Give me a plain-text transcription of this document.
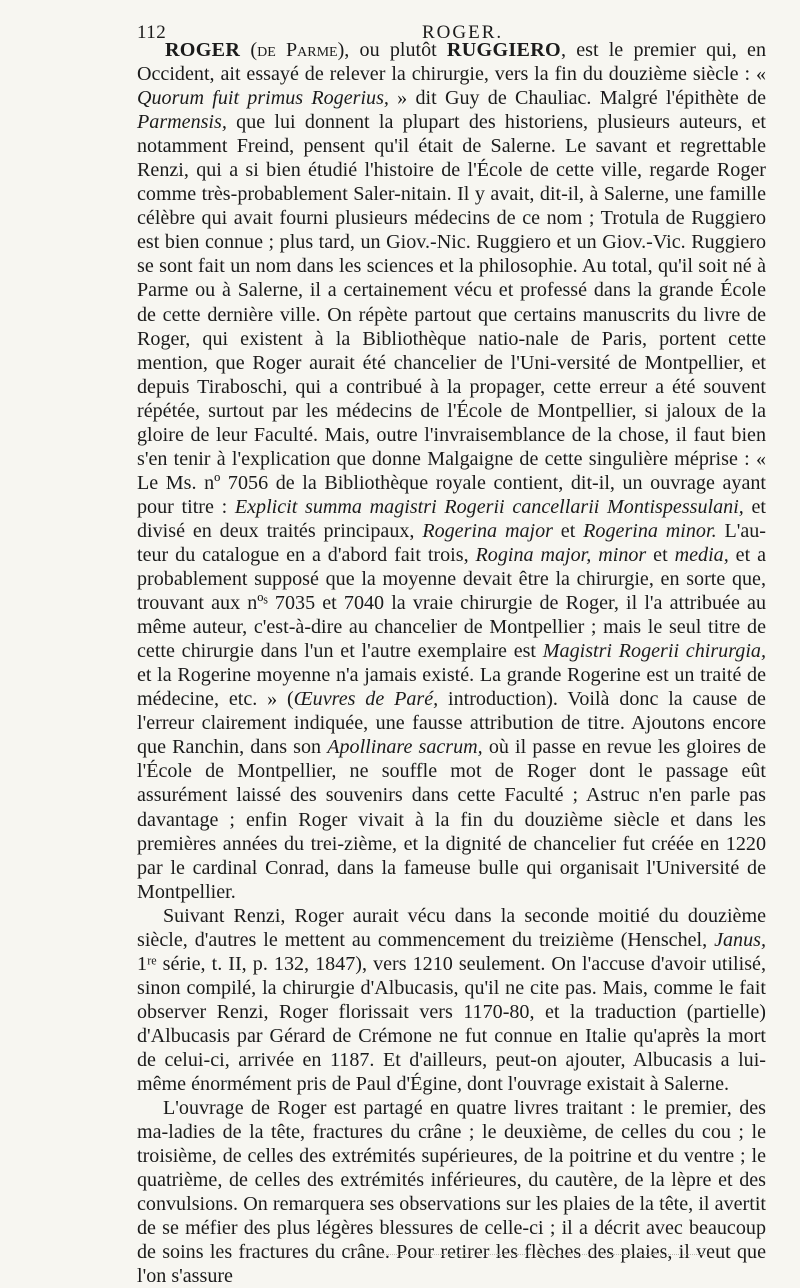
112	ROGER.

ROGER (de Parme), ou plutôt RUGGIERO, est le premier qui, en Occident, ait essayé de relever la chirurgie, vers la fin du douzième siècle : « Quorum fuit primus Rogerius, » dit Guy de Chauliac. Malgré l'épithète de Parmensis, que lui donnent la plupart des historiens, plusieurs auteurs, et notamment Freind, pensent qu'il était de Salerne. Le savant et regrettable Renzi, qui a si bien étudié l'histoire de l'École de cette ville, regarde Roger comme très-probablement Saler-nitain. Il y avait, dit-il, à Salerne, une famille célèbre qui avait fourni plusieurs médecins de ce nom ; Trotula de Ruggiero est bien connue ; plus tard, un Giov.-Nic. Ruggiero et un Giov.-Vic. Ruggiero se sont fait un nom dans les sciences et la philosophie. Au total, qu'il soit né à Parme ou à Salerne, il a certainement vécu et professé dans la grande École de cette dernière ville. On répète partout que certains manuscrits du livre de Roger, qui existent à la Bibliothèque natio-nale de Paris, portent cette mention, que Roger aurait été chancelier de l'Uni-versité de Montpellier, et depuis Tiraboschi, qui a contribué à la propager, cette erreur a été souvent répétée, surtout par les médecins de l'École de Montpellier, si jaloux de la gloire de leur Faculté. Mais, outre l'invraisemblance de la chose, il faut bien s'en tenir à l'explication que donne Malgaigne de cette singulière méprise : « Le Ms. nº 7056 de la Bibliothèque royale contient, dit-il, un ouvrage ayant pour titre : Explicit summa magistri Rogerii cancellarii Montispessulani, et divisé en deux traités principaux, Rogerina major et Rogerina minor. L'au-teur du catalogue en a d'abord fait trois, Rogina major, minor et media, et a probablement supposé que la moyenne devait être la chirurgie, en sorte que, trouvant aux nºˢ 7035 et 7040 la vraie chirurgie de Roger, il l'a attribuée au même auteur, c'est-à-dire au chancelier de Montpellier ; mais le seul titre de cette chirurgie dans l'un et l'autre exemplaire est Magistri Rogerii chirurgia, et la Rogerine moyenne n'a jamais existé. La grande Rogerine est un traité de médecine, etc. » (Œuvres de Paré, introduction). Voilà donc la cause de l'erreur clairement indiquée, une fausse attribution de titre. Ajoutons encore que Ranchin, dans son Apollinare sacrum, où il passe en revue les gloires de l'École de Montpellier, ne souffle mot de Roger dont le passage eût assurément laissé des souvenirs dans cette Faculté ; Astruc n'en parle pas davantage ; enfin Roger vivait à la fin du douzième siècle et dans les premières années du trei-zième, et la dignité de chancelier fut créée en 1220 par le cardinal Conrad, dans la fameuse bulle qui organisait l'Université de Montpellier.

Suivant Renzi, Roger aurait vécu dans la seconde moitié du douzième siècle, d'autres le mettent au commencement du treizième (Henschel, Janus, 1ʳᵉ série, t. II, p. 132, 1847), vers 1210 seulement. On l'accuse d'avoir utilisé, sinon compilé, la chirurgie d'Albucasis, qu'il ne cite pas. Mais, comme le fait observer Renzi, Roger florissait vers 1170-80, et la traduction (partielle) d'Albucasis par Gérard de Crémone ne fut connue en Italie qu'après la mort de celui-ci, arrivée en 1187. Et d'ailleurs, peut-on ajouter, Albucasis a lui-même énormément pris de Paul d'Égine, dont l'ouvrage existait à Salerne.

L'ouvrage de Roger est partagé en quatre livres traitant : le premier, des ma-ladies de la tête, fractures du crâne ; le deuxième, de celles du cou ; le troisième, de celles des extrémités supérieures, de la poitrine et du ventre ; le quatrième, de celles des extrémités inférieures, du cautère, de la lèpre et des convulsions. On remarquera ses observations sur les plaies de la tête, il avertit de se méfier des plus légères blessures de celle-ci ; il a décrit avec beaucoup de soins les fractures du crâne. Pour retirer les flèches des plaies, il veut que l'on s'assure
